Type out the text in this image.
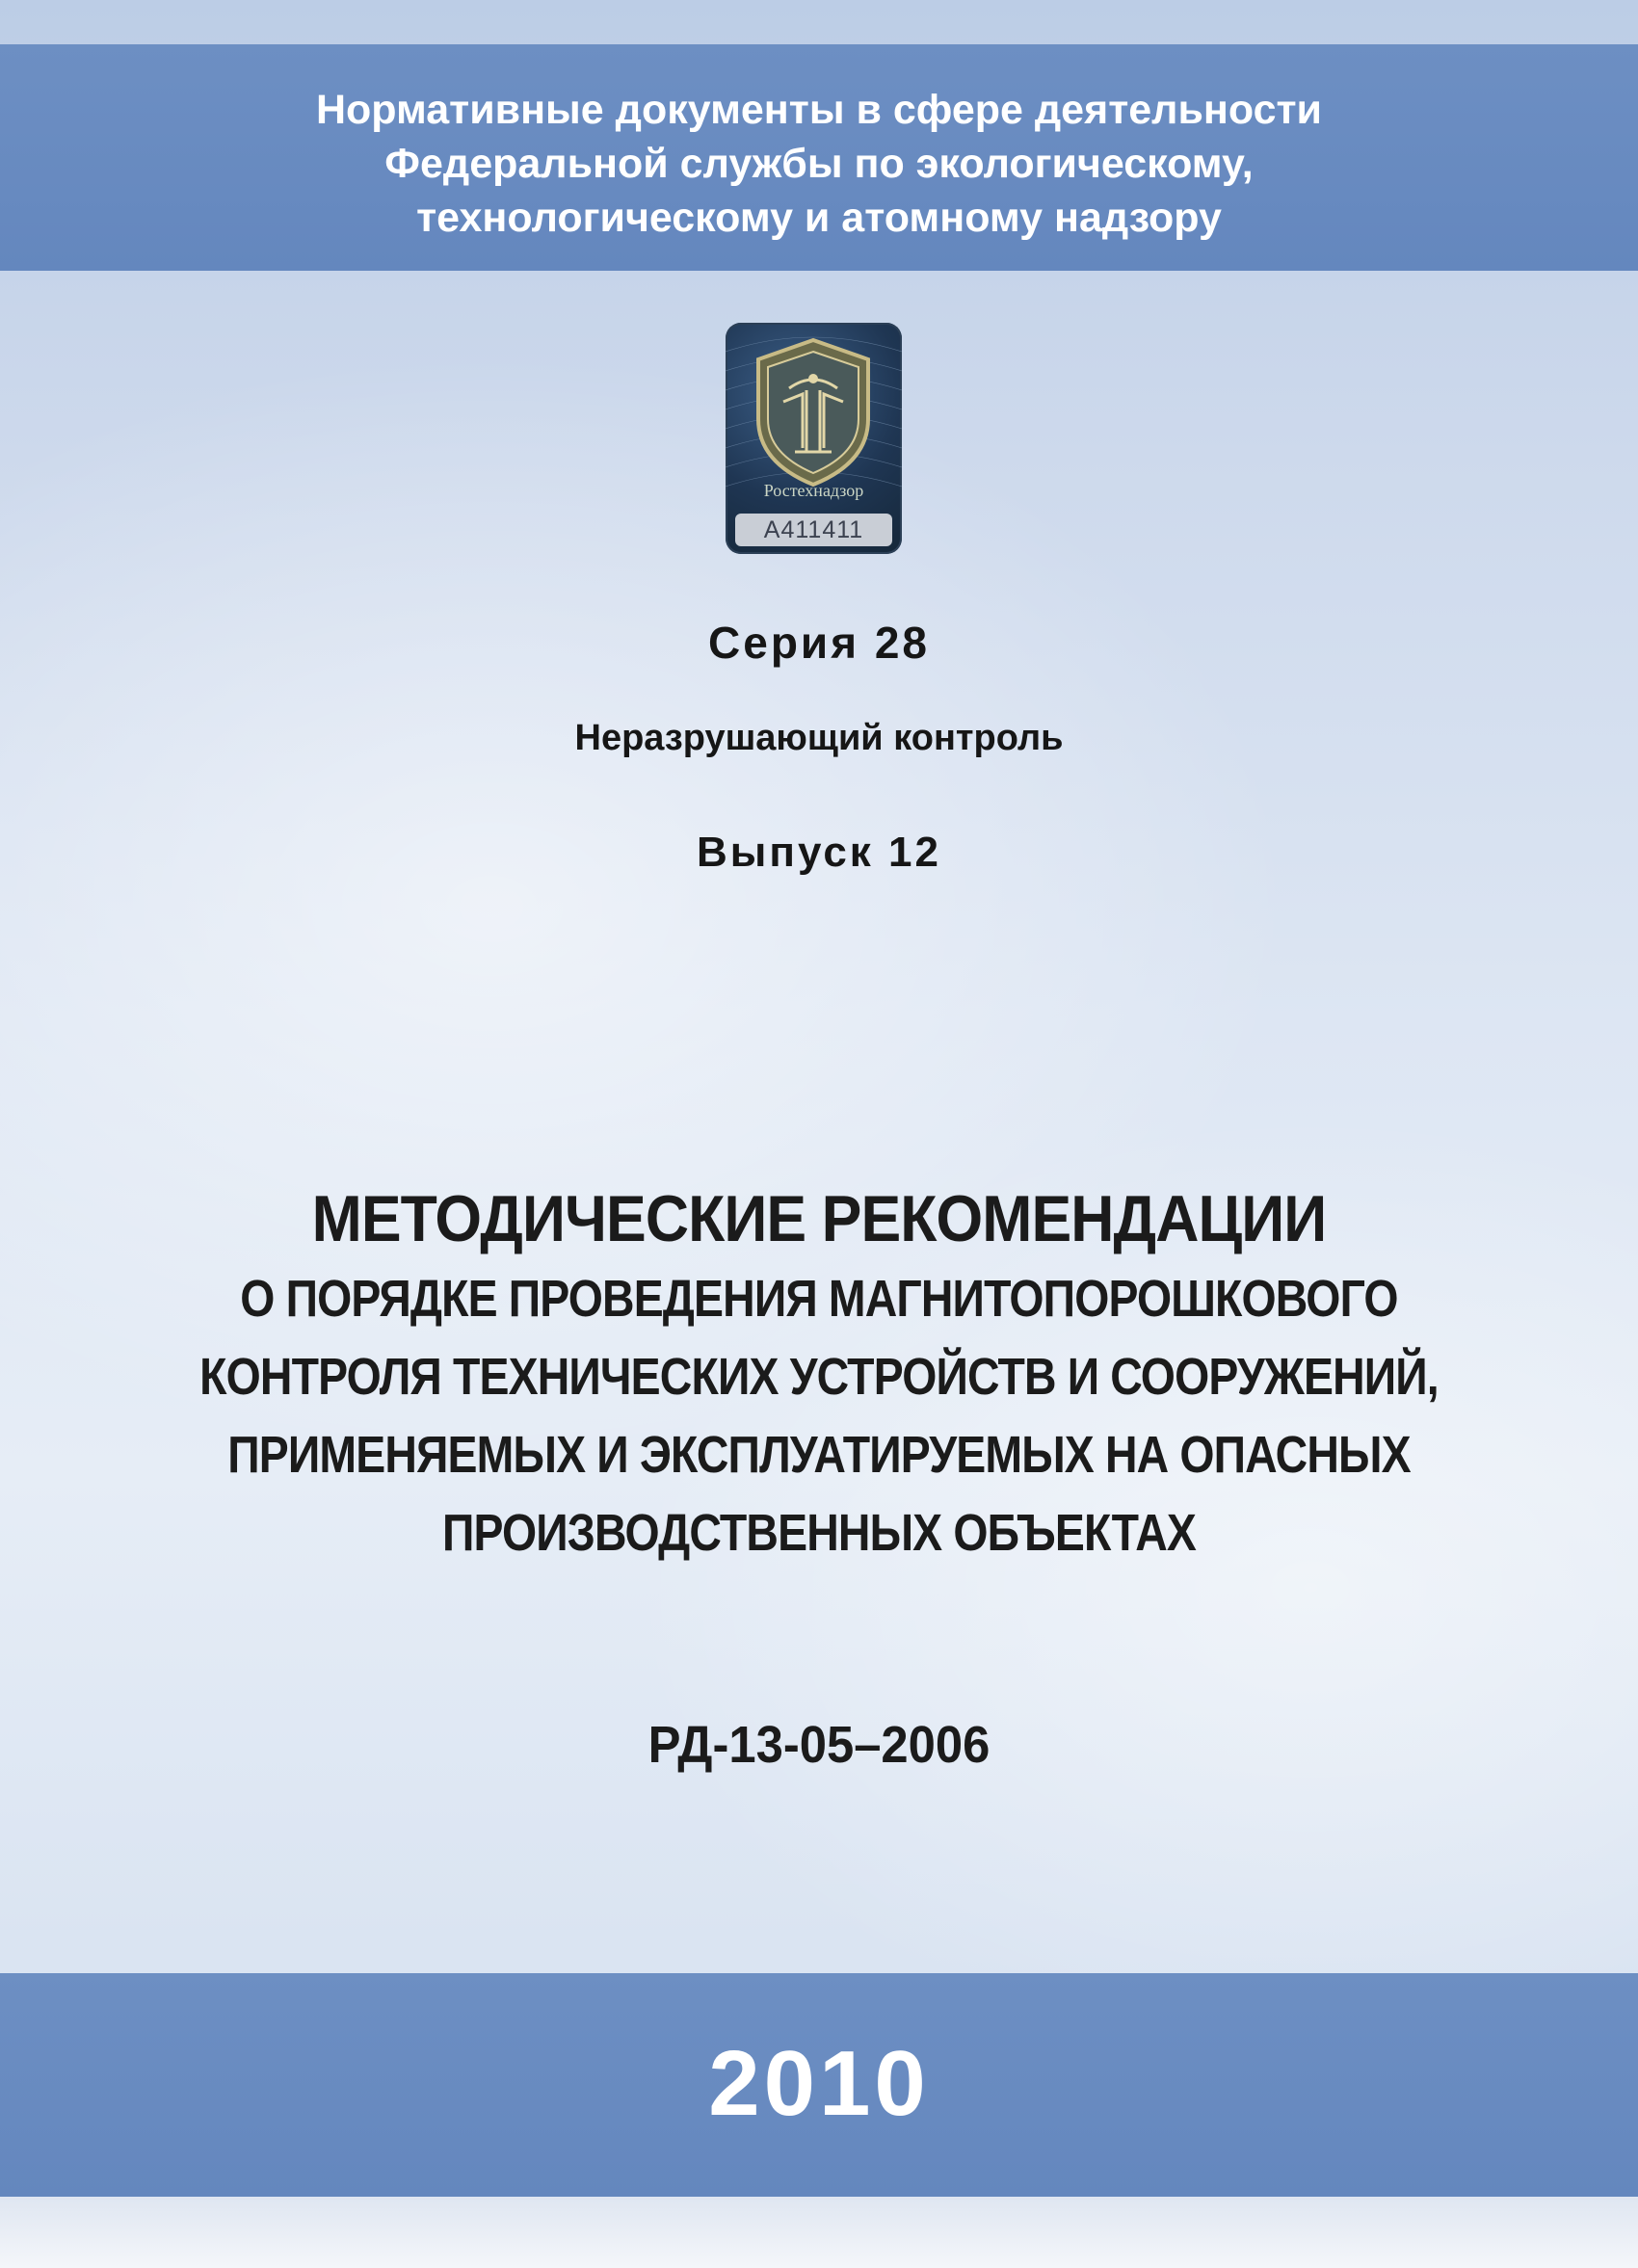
Нормативные документы в сфере деятельности
Федеральной службы по экологическому,
технологическому и атомному надзору
Ростехнадзор
A411411
Серия 28
Неразрушающий контроль
Выпуск 12
МЕТОДИЧЕСКИЕ РЕКОМЕНДАЦИИ
О ПОРЯДКЕ ПРОВЕДЕНИЯ МАГНИТОПОРОШКОВОГО
КОНТРОЛЯ ТЕХНИЧЕСКИХ УСТРОЙСТВ И СООРУЖЕНИЙ,
ПРИМЕНЯЕМЫХ И ЭКСПЛУАТИРУЕМЫХ НА ОПАСНЫХ
ПРОИЗВОДСТВЕННЫХ ОБЪЕКТАХ
РД-13-05–2006
2010
